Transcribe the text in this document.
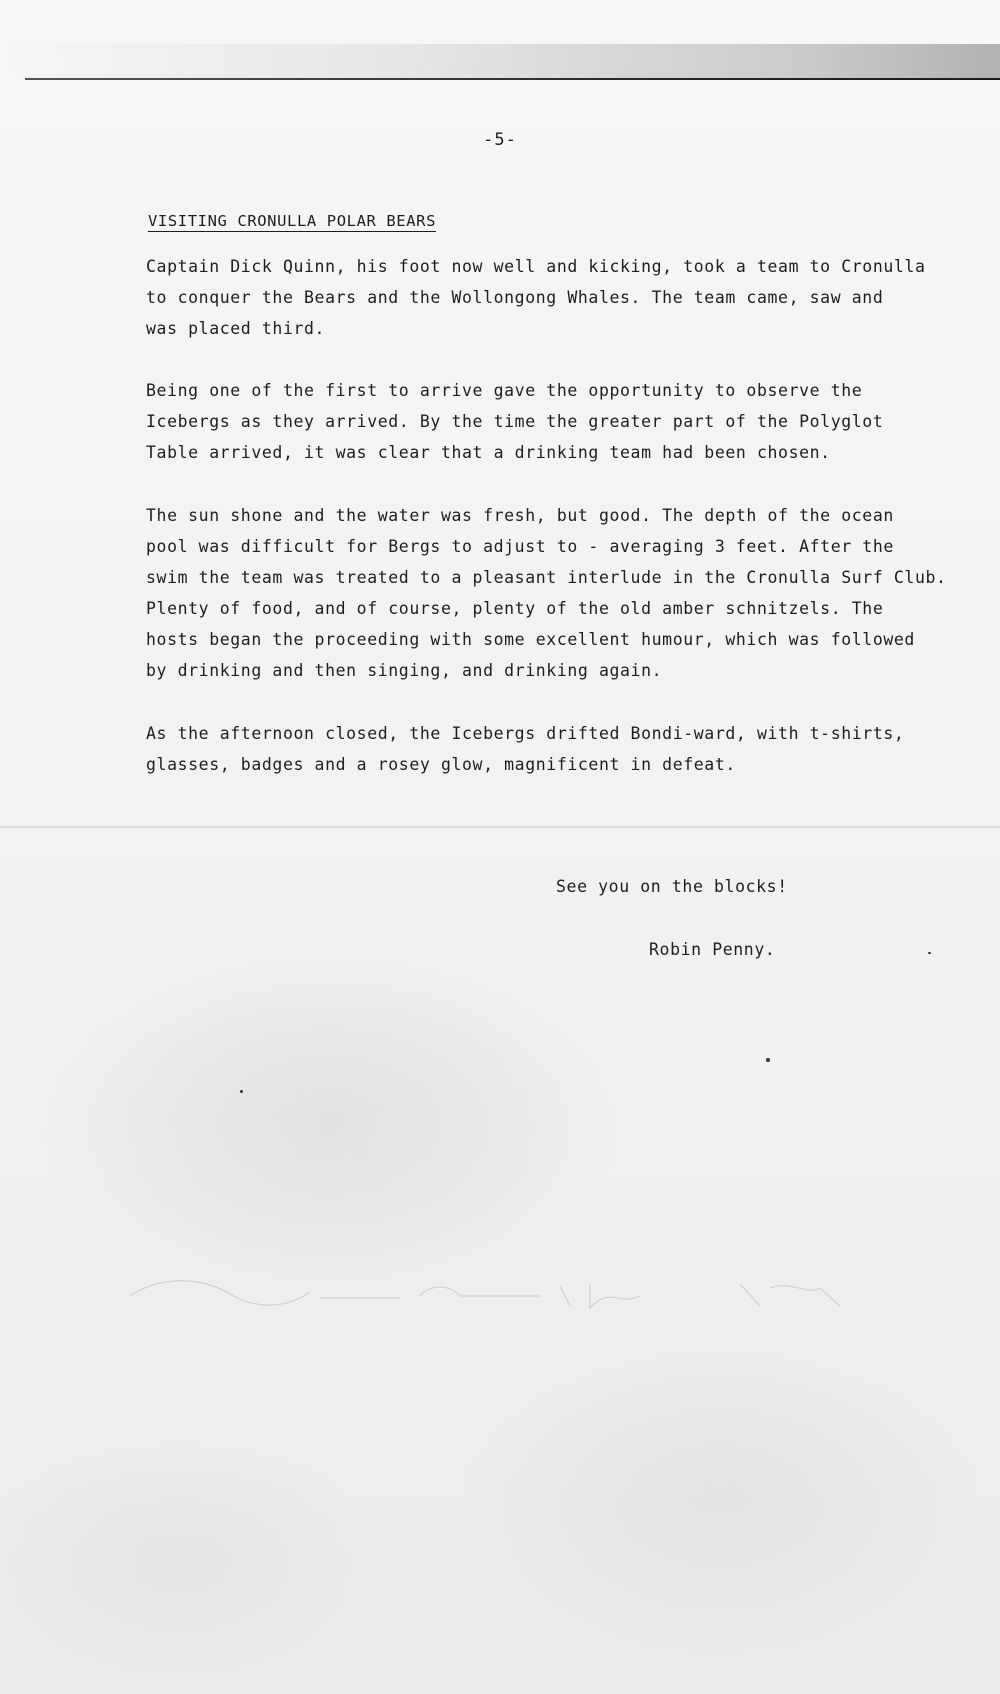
-5-
VISITING CRONULLA POLAR BEARS

Captain Dick Quinn, his foot now well and kicking, took a team to Cronulla
to conquer the Bears and the Wollongong Whales. The team came, saw and
was placed third.

Being one of the first to arrive gave the opportunity to observe the
Icebergs as they arrived. By the time the greater part of the Polyglot
Table arrived, it was clear that a drinking team had been chosen.

The sun shone and the water was fresh, but good. The depth of the ocean
pool was difficult for Bergs to adjust to - averaging 3 feet. After the
swim the team was treated to a pleasant interlude in the Cronulla Surf Club.
Plenty of food, and of course, plenty of the old amber schnitzels. The
hosts began the proceeding with some excellent humour, which was followed
by drinking and then singing, and drinking again.

As the afternoon closed, the Icebergs drifted Bondi-ward, with t-shirts,
glasses, badges and a rosey glow, magnificent in defeat.

See you on the blocks!
Robin Penny.
